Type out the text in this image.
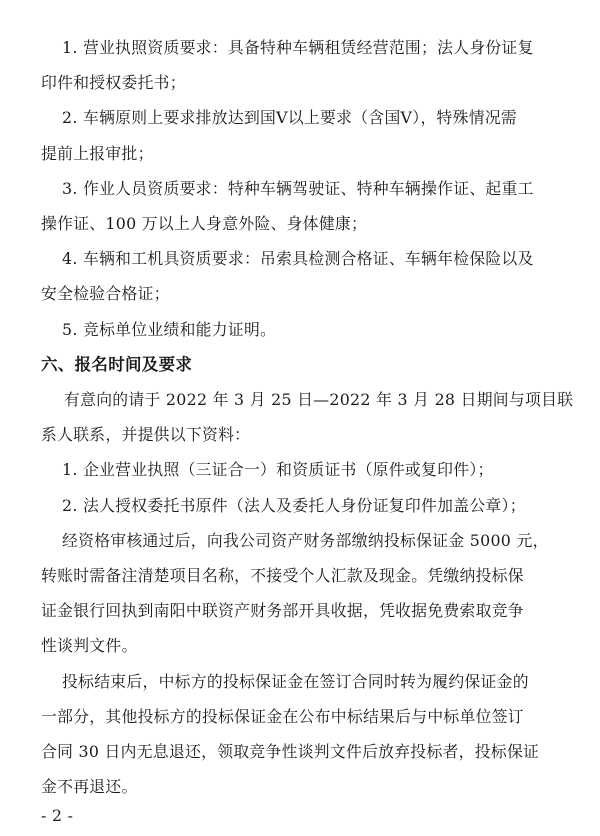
1. 营业执照资质要求：具备特种车辆租赁经营范围；法人身份证复
印件和授权委托书；
2. 车辆原则上要求排放达到国Ⅴ以上要求（含国Ⅴ），特殊情况需
提前上报审批；
3. 作业人员资质要求：特种车辆驾驶证、特种车辆操作证、起重工
操作证、100 万以上人身意外险、身体健康；
4. 车辆和工机具资质要求：吊索具检测合格证、车辆年检保险以及
安全检验合格证；
5. 竞标单位业绩和能力证明。
六、报名时间及要求
有意向的请于 2022 年 3 月 25 日—2022 年 3 月 28 日期间与项目联
系人联系，并提供以下资料：
1. 企业营业执照（三证合一）和资质证书（原件或复印件）；
2. 法人授权委托书原件（法人及委托人身份证复印件加盖公章）；
经资格审核通过后，向我公司资产财务部缴纳投标保证金 5000 元，
转账时需备注清楚项目名称，不接受个人汇款及现金。凭缴纳投标保
证金银行回执到南阳中联资产财务部开具收据，凭收据免费索取竞争
性谈判文件。
投标结束后，中标方的投标保证金在签订合同时转为履约保证金的
一部分，其他投标方的投标保证金在公布中标结果后与中标单位签订
合同 30 日内无息退还，领取竞争性谈判文件后放弃投标者，投标保证
金不再退还。
- 2 -
